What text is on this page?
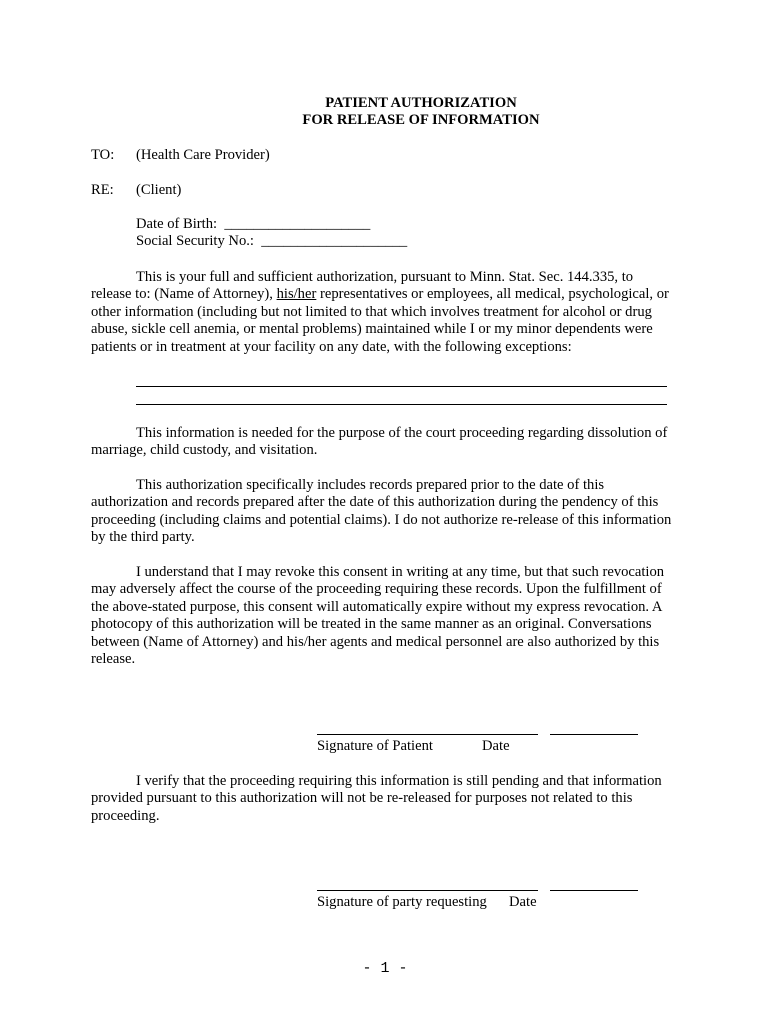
PATIENT AUTHORIZATION
FOR RELEASE OF INFORMATION
TO: (Health Care Provider)
RE: (Client)
Date of Birth: ____________________
Social Security No.: ____________________
This is your full and sufficient authorization, pursuant to Minn. Stat. Sec. 144.335, to
release to: (Name of Attorney), his/her representatives or employees, all medical, psychological, or
other information (including but not limited to that which involves treatment for alcohol or drug
abuse, sickle cell anemia, or mental problems) maintained while I or my minor dependents were
patients or in treatment at your facility on any date, with the following exceptions:
This information is needed for the purpose of the court proceeding regarding dissolution of
marriage, child custody, and visitation.
This authorization specifically includes records prepared prior to the date of this
authorization and records prepared after the date of this authorization during the pendency of this
proceeding (including claims and potential claims). I do not authorize re-release of this information
by the third party.
I understand that I may revoke this consent in writing at any time, but that such revocation
may adversely affect the course of the proceeding requiring these records. Upon the fulfillment of
the above-stated purpose, this consent will automatically expire without my express revocation. A
photocopy of this authorization will be treated in the same manner as an original. Conversations
between (Name of Attorney) and his/her agents and medical personnel are also authorized by this
release.
Signature of Patient	Date
I verify that the proceeding requiring this information is still pending and that information
provided pursuant to this authorization will not be re-released for purposes not related to this
proceeding.
Signature of party requesting Date
- 1 -
